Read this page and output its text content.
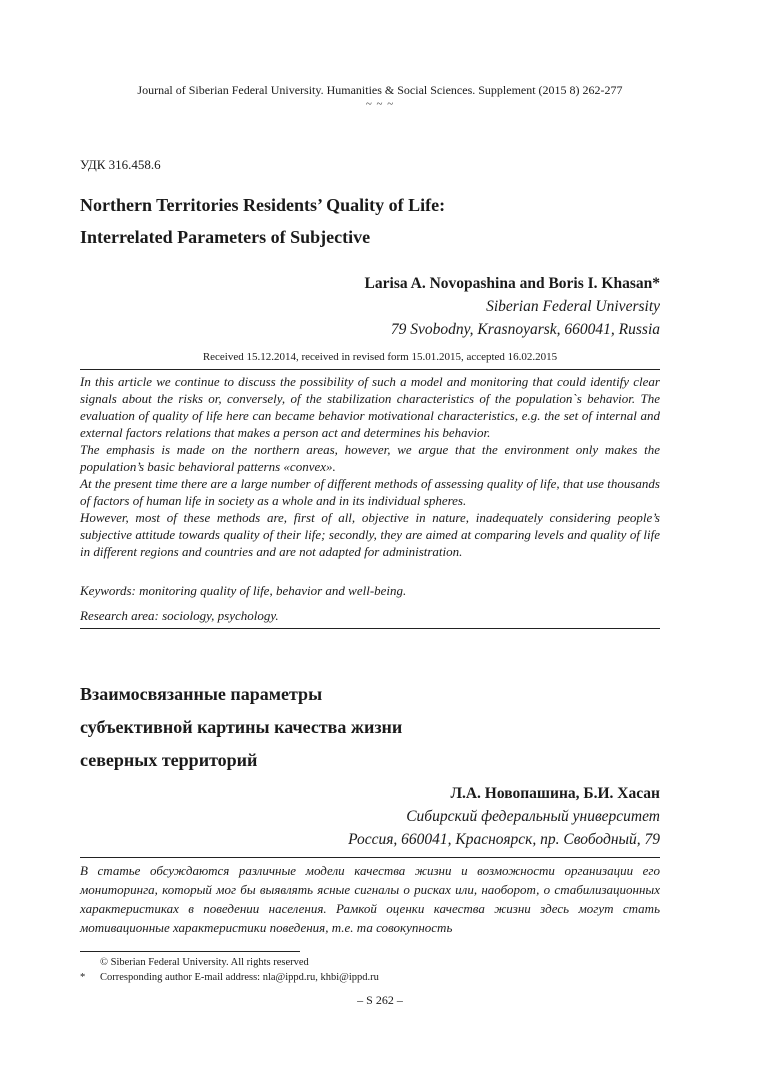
Journal of Siberian Federal University. Humanities & Social Sciences. Supplement (2015 8) 262-277
~ ~ ~
УДК 316.458.6
Northern Territories Residents’ Quality of Life:
Interrelated Parameters of Subjective
Larisa A. Novopashina and Boris I. Khasan*
Siberian Federal University
79 Svobodny, Krasnoyarsk, 660041, Russia
Received 15.12.2014, received in revised form 15.01.2015, accepted 16.02.2015

In this article we continue to discuss the possibility of such a model and monitoring that could identify clear signals about the risks or, conversely, of the stabilization characteristics of the population`s behavior. The evaluation of quality of life here can became behavior motivational characteristics, e.g. the set of internal and external factors relations that makes a person act and determines his behavior.

The emphasis is made on the northern areas, however, we argue that the environment only makes the population’s basic behavioral patterns «convex».

At the present time there are a large number of different methods of assessing quality of life, that use thousands of factors of human life in society as a whole and in its individual spheres.

However, most of these methods are, first of all, objective in nature, inadequately considering people’s subjective attitude towards quality of their life; secondly, they are aimed at comparing levels and quality of life in different regions and countries and are not adapted for administration.

Keywords: monitoring quality of life, behavior and well-being.
Research area: sociology, psychology.
Взаимосвязанные параметры
субъективной картины качества жизни
северных территорий
Л.А. Новопашина, Б.И. Хасан
Сибирский федеральный университет
Россия, 660041, Красноярск, пр. Свободный, 79

В статье обсуждаются различные модели качества жизни и возможности организации его мониторинга, который мог бы выявлять ясные сигналы о рисках или, наоборот, о стабилизационных характеристиках в поведении населения. Рамкой оценки качества жизни здесь могут стать мотивационные характеристики поведения, т.е. та совокупность

© Siberian Federal University. All rights reserved
*	Corresponding author E-mail address: nla@ippd.ru, khbi@ippd.ru
– S 262 –
